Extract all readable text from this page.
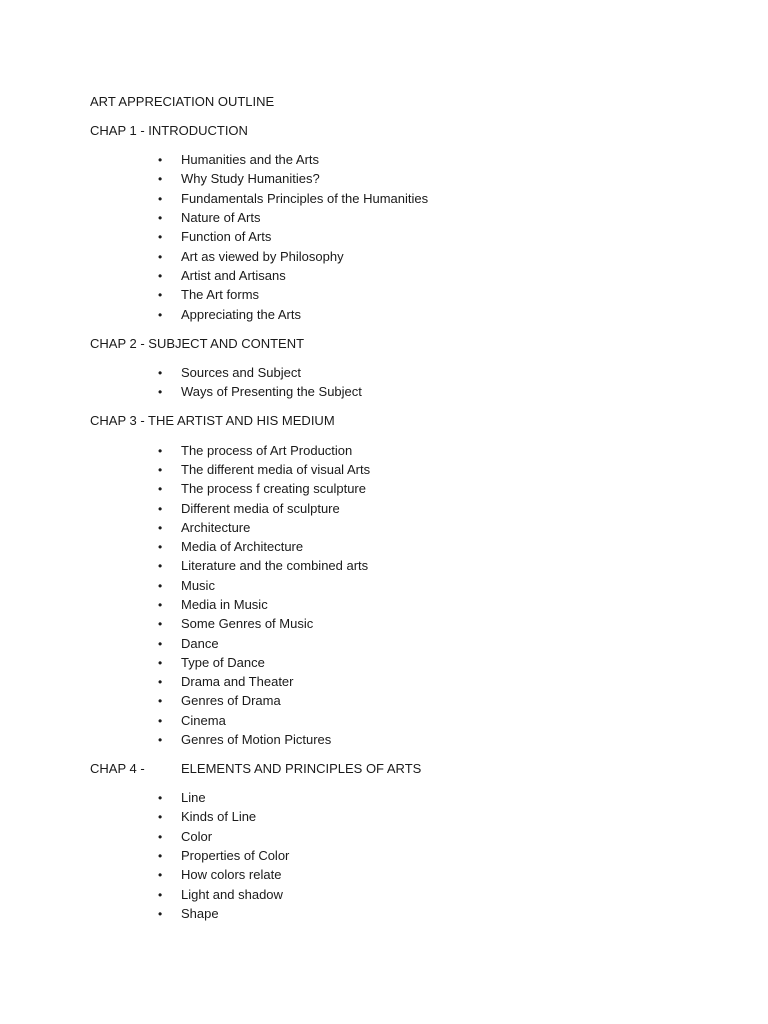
ART APPRECIATION OUTLINE
CHAP 1 - INTRODUCTION
• Humanities and the Arts
• Why Study Humanities?
• Fundamentals Principles of the Humanities
• Nature of Arts
• Function of Arts
• Art as viewed by Philosophy
• Artist and Artisans
• The Art forms
• Appreciating the Arts
CHAP 2 - SUBJECT AND CONTENT
• Sources and Subject
• Ways of Presenting the Subject
CHAP 3 - THE ARTIST AND HIS MEDIUM
• The process of Art Production
• The different media of visual Arts
• The process f creating sculpture
• Different media of sculpture
• Architecture
• Media of Architecture
• Literature and the combined arts
• Music
• Media in Music
• Some Genres of Music
• Dance
• Type of Dance
• Drama and Theater
• Genres of Drama
• Cinema
• Genres of Motion Pictures
CHAP 4 -	ELEMENTS AND PRINCIPLES OF ARTS
• Line
• Kinds of Line
• Color
• Properties of Color
• How colors relate
• Light and shadow
• Shape
